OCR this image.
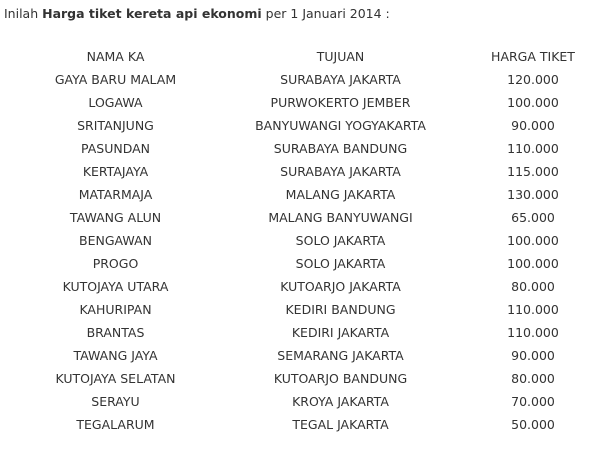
Inilah Harga tiket kereta api ekonomi per 1 Januari 2014 :
NAMA KA	TUJUAN	HARGA TIKET
GAYA BARU MALAM	SURABAYA JAKARTA	120.000
LOGAWA	PURWOKERTO JEMBER	100.000
SRITANJUNG	BANYUWANGI YOGYAKARTA	90.000
PASUNDAN	SURABAYA BANDUNG	110.000
KERTAJAYA	SURABAYA JAKARTA	115.000
MATARMAJA	MALANG JAKARTA	130.000
TAWANG ALUN	MALANG BANYUWANGI	65.000
BENGAWAN	SOLO JAKARTA	100.000
PROGO	SOLO JAKARTA	100.000
KUTOJAYA UTARA	KUTOARJO JAKARTA	80.000
KAHURIPAN	KEDIRI BANDUNG	110.000
BRANTAS	KEDIRI JAKARTA	110.000
TAWANG JAYA	SEMARANG JAKARTA	90.000
KUTOJAYA SELATAN	KUTOARJO BANDUNG	80.000
SERAYU	KROYA JAKARTA	70.000
TEGALARUM	TEGAL JAKARTA	50.000
